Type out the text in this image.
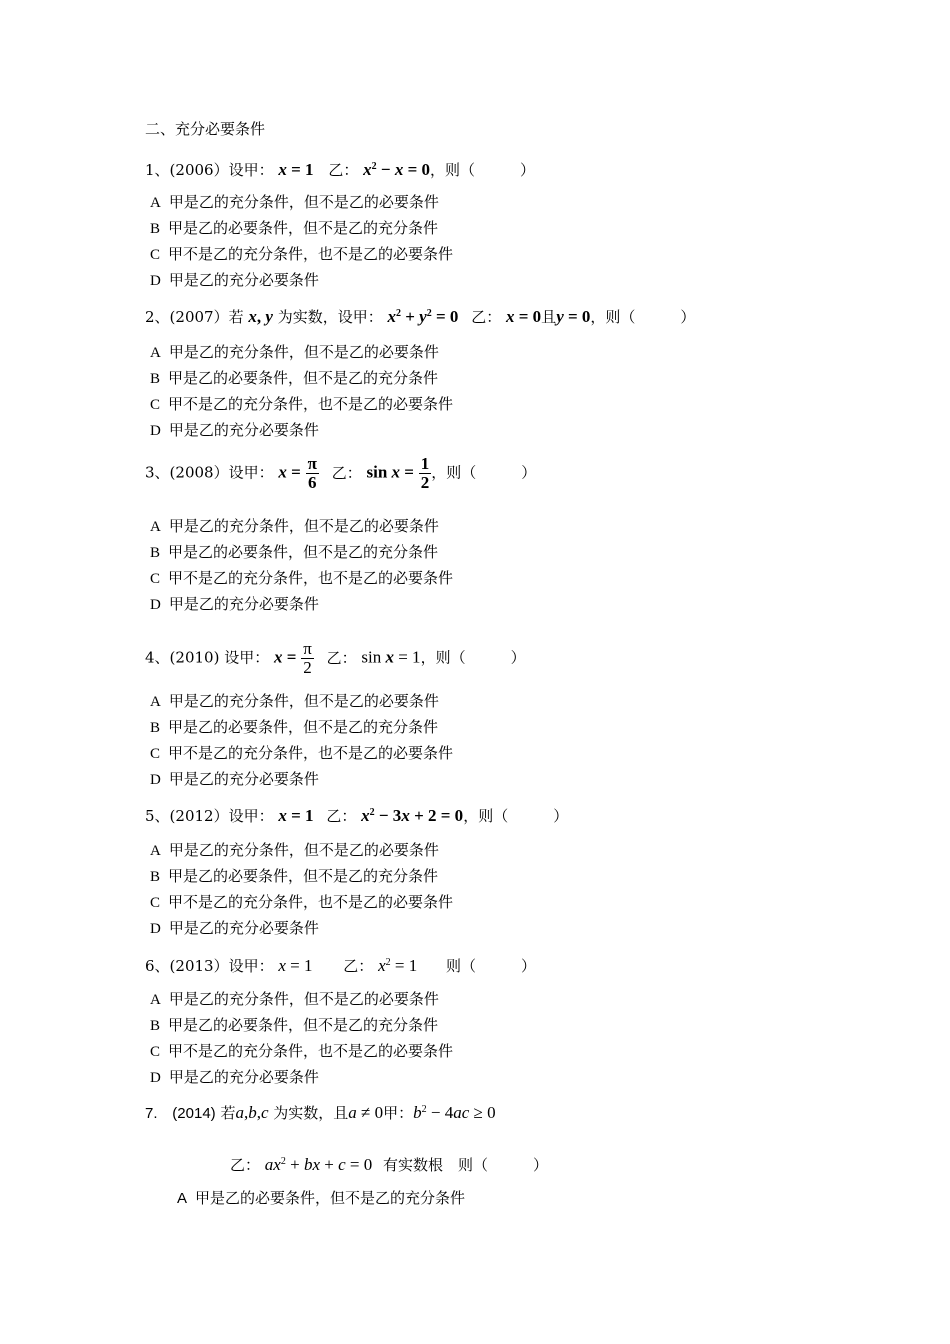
二、充分必要条件
1、(2006）设甲： x = 1 乙： $x^2 - x = 0$，则（　　　）
A 甲是乙的充分条件，但不是乙的必要条件
B 甲是乙的必要条件，但不是乙的充分条件
C 甲不是乙的充分条件，也不是乙的必要条件
D 甲是乙的充分必要条件
2、(2007）若 x, y 为实数，设甲： $x^2 + y^2 = 0$ 乙： x = 0且y = 0，则（　　　）
A 甲是乙的充分条件，但不是乙的必要条件
B 甲是乙的必要条件，但不是乙的充分条件
C 甲不是乙的充分条件，也不是乙的必要条件
D 甲是乙的充分必要条件
3、(2008）设甲： $x = \frac{\pi}{6}$ 乙： $\sin x = \frac{1}{2}$ ，则（　　　）
A 甲是乙的充分条件，但不是乙的必要条件
B 甲是乙的必要条件，但不是乙的充分条件
C 甲不是乙的充分条件，也不是乙的必要条件
D 甲是乙的充分必要条件
4、(2010) 设甲： $x = \frac{\pi}{2}$ 乙： sin x = 1，则（　　　）
A 甲是乙的充分条件，但不是乙的必要条件
B 甲是乙的必要条件，但不是乙的充分条件
C 甲不是乙的充分条件，也不是乙的必要条件
D 甲是乙的充分必要条件
5、(2012）设甲： x = 1 乙： $x^2 - 3x + 2 = 0$，则（　　　）
A 甲是乙的充分条件，但不是乙的必要条件
B 甲是乙的必要条件，但不是乙的充分条件
C 甲不是乙的充分条件，也不是乙的必要条件
D 甲是乙的充分必要条件
6、(2013）设甲： x = 1 乙： $x^2 = 1$ 则（　　　）
A 甲是乙的充分条件，但不是乙的必要条件
B 甲是乙的必要条件，但不是乙的充分条件
C 甲不是乙的充分条件，也不是乙的必要条件
D 甲是乙的充分必要条件
7. (2014) 若a,b,c 为实数，且a ≠ 0甲：$b^2 - 4ac \ge 0$
乙： $ax^2$ + bx + c = 0 有实数根　则（　　　）
A 甲是乙的必要条件，但不是乙的充分条件
